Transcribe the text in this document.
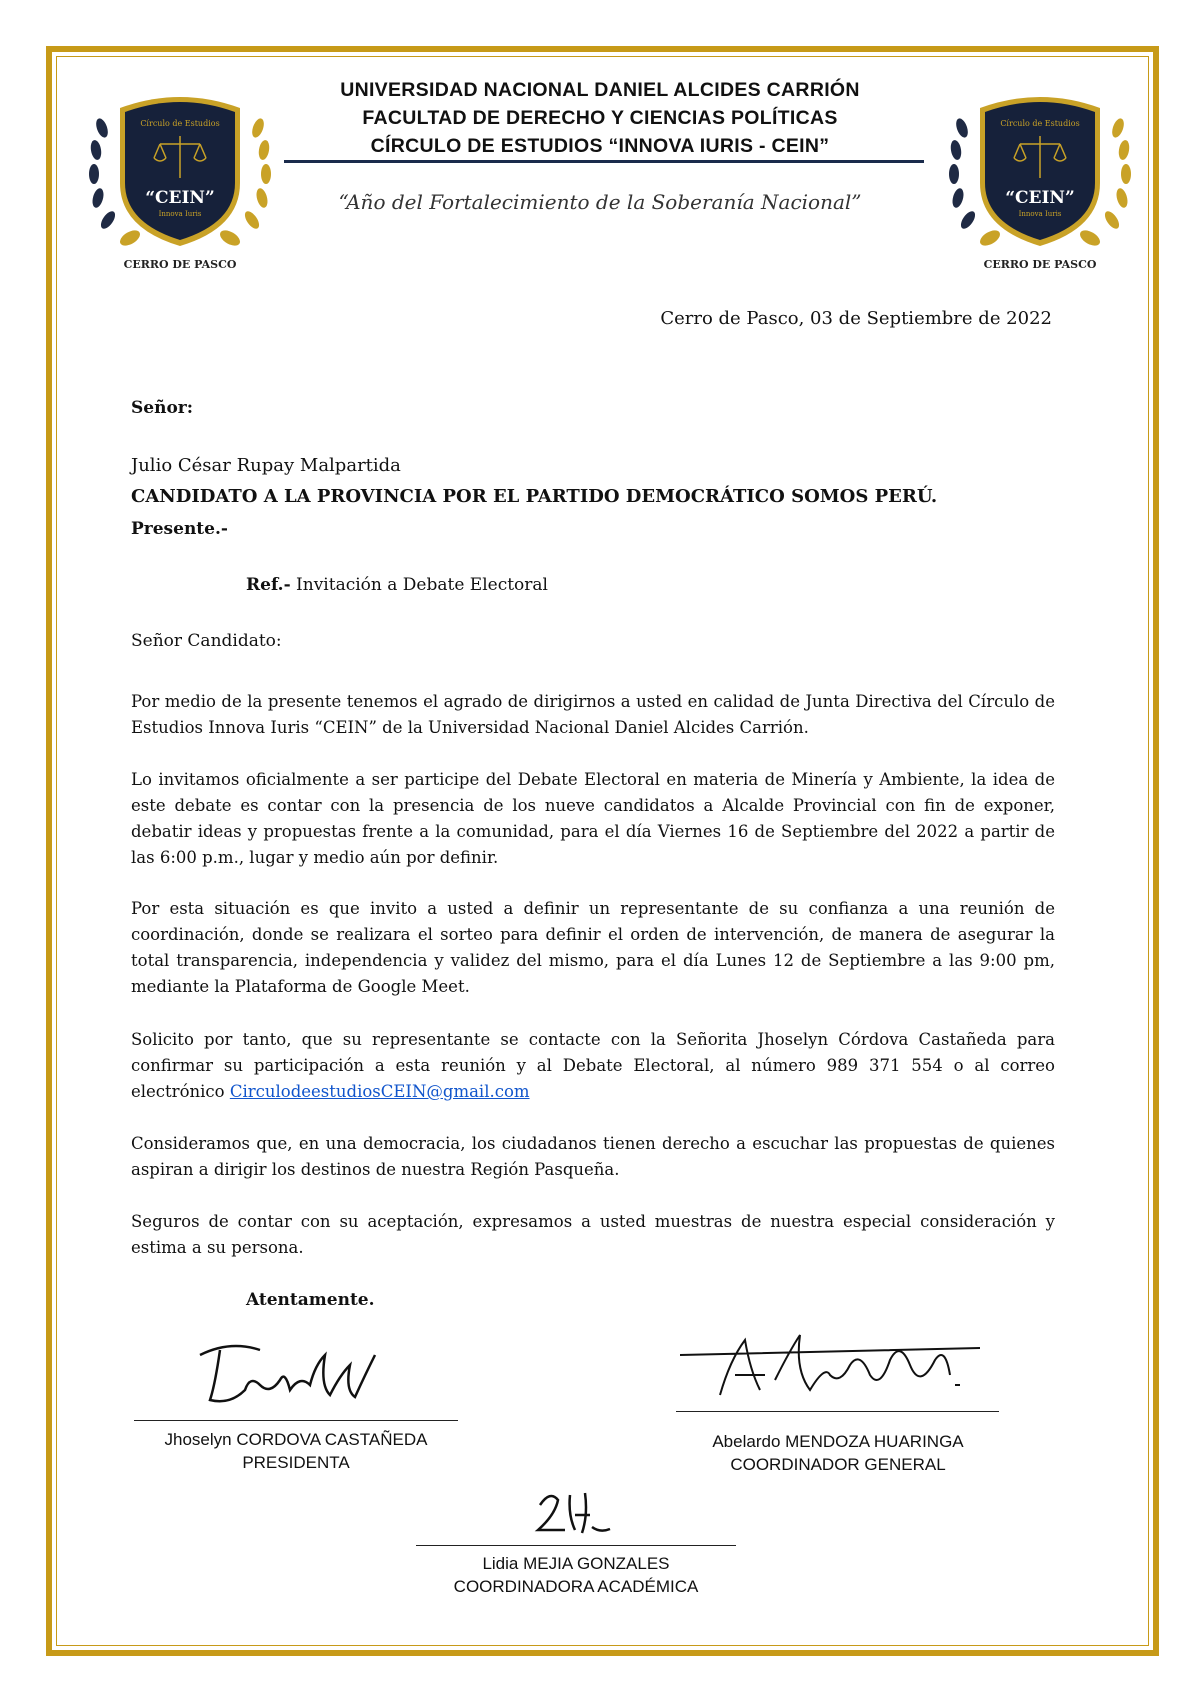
Círculo de Estudios
“CEIN”
Innova Iuris
CERRO DE PASCO
Círculo de Estudios
“CEIN”
Innova Iuris
CERRO DE PASCO
UNIVERSIDAD NACIONAL DANIEL ALCIDES CARRIÓN
FACULTAD DE DERECHO Y CIENCIAS POLÍTICAS
CÍRCULO DE ESTUDIOS “INNOVA IURIS - CEIN”
“Año del Fortalecimiento de la Soberanía Nacional”
Cerro de Pasco, 03 de Septiembre de 2022
Señor:
Julio César Rupay Malpartida
CANDIDATO A LA PROVINCIA POR EL PARTIDO DEMOCRÁTICO SOMOS PERÚ.
Presente.-
Ref.- Invitación a Debate Electoral
Señor Candidato:
Por medio de la presente tenemos el agrado de dirigirnos a usted en calidad de Junta Directiva del Círculo de Estudios Innova Iuris “CEIN” de la Universidad Nacional Daniel Alcides Carrión.
Lo invitamos oficialmente a ser participe del Debate Electoral en materia de Minería y Ambiente, la idea de este debate es contar con la presencia de los nueve candidatos a Alcalde Provincial con fin de exponer, debatir ideas y propuestas frente a la comunidad, para el día Viernes 16 de Septiembre del 2022 a partir de las 6:00 p.m., lugar y medio aún por definir.
Por esta situación es que invito a usted a definir un representante de su confianza a una reunión de coordinación, donde se realizara el sorteo para definir el orden de intervención, de manera de asegurar la total transparencia, independencia y validez del mismo, para el día Lunes 12 de Septiembre a las 9:00 pm, mediante la Plataforma de Google Meet.
Solicito por tanto, que su representante se contacte con la Señorita Jhoselyn Córdova Castañeda para confirmar su participación a esta reunión y al Debate Electoral, al número 989 371 554 o al correo electrónico CirculodeestudiosCEIN@gmail.com
Consideramos que, en una democracia, los ciudadanos tienen derecho a escuchar las propuestas de quienes aspiran a dirigir los destinos de nuestra Región Pasqueña.
Seguros de contar con su aceptación, expresamos a usted muestras de nuestra especial consideración y estima a su persona.
Atentamente.
Jhoselyn CORDOVA CASTAÑEDA
PRESIDENTA
Abelardo MENDOZA HUARINGA
COORDINADOR GENERAL
Lidia MEJIA GONZALES
COORDINADORA ACADÉMICA
